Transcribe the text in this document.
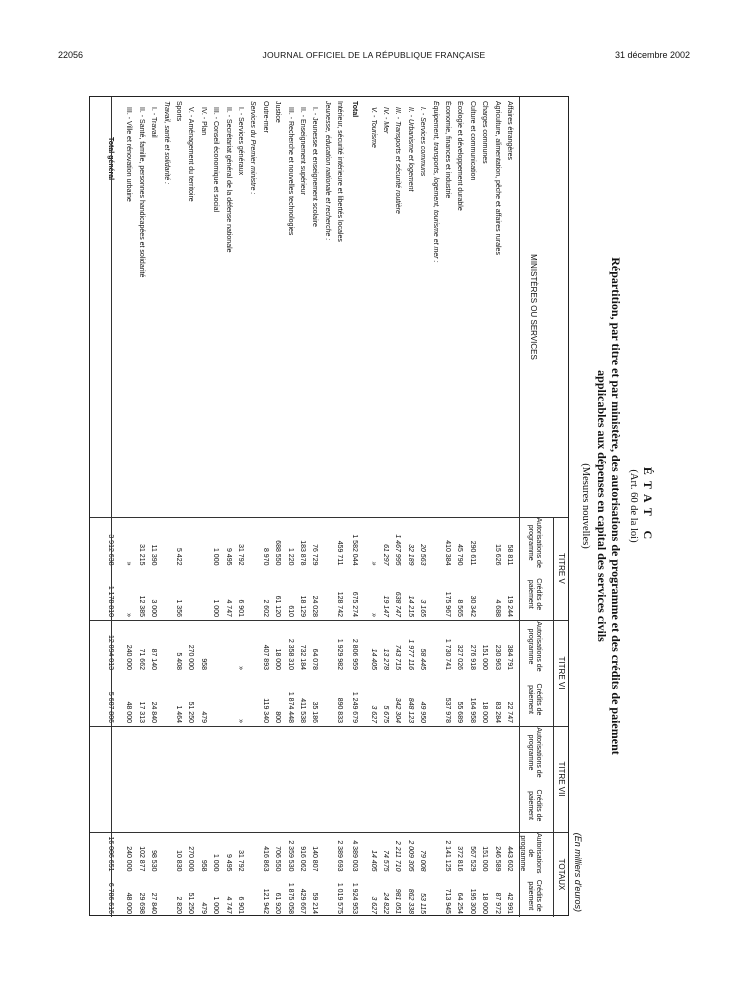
22056	JOURNAL OFFICIEL DE LA RÉPUBLIQUE FRANÇAISE	31 décembre 2002
ÉTAT C
(Art. 60 de la loi)
Répartition, par titre et par ministère, des autorisations de programme et des crédits de paiement
applicables aux dépenses en capital des services civils
(Mesures nouvelles)
(En milliers d'euros)
MINISTÈRES OU SERVICES
TITRE V
TITRE VI
TITRE VII
TOTAUX
Autorisations de programme
Crédits de paiement
Autorisations de programme
Crédits de paiement
Autorisations de programme
Crédits de paiement
Autorisations de programme
Crédits de paiement
Affaires étrangères
58 811
19 244
384 791
22 747
443 602
42 991
Agriculture, alimentation, pêche et affaires rurales
15 626
4 688
230 963
83 284
246 589
87 972
Charges communes
151 000
18 000
151 000
18 000
Culture et communication
290 611
30 342
276 918
164 958
567 529
195 300
Écologie et développement durable
45 790
8 565
327 026
55 689
372 816
64 254
Économie, finances et industrie
410 384
175 967
1 730 741
537 978
2 141 125
713 945
Équipement, transports, logement, tourisme et mer :
I. - Services communs
20 563
3 165
58 445
49 950
79 008
53 115
II. - Urbanisme et logement
32 189
14 215
1 977 116
848 123
2 009 305
862 338
III. - Transports et sécurité routière
1 467 995
638 747
743 715
342 304
2 211 710
981 051
IV. - Mer
61 297
19 147
13 278
5 675
74 575
24 822
V. - Tourisme
»
»
14 405
3 627
14 405
3 627
Total
1 582 044
675 274
2 806 959
1 249 679
4 389 003
1 924 953
Intérieur, sécurité intérieure et libertés locales
459 711
128 742
1 929 982
890 833
2 389 693
1 019 575
Jeunesse, éducation nationale et recherche :
I. - Jeunesse et enseignement scolaire
76 729
24 028
64 078
35 186
140 807
59 214
II. - Enseignement supérieur
183 878
18 129
732 184
411 538
916 062
429 667
III. - Recherche et nouvelles technologies
1 220
610
2 358 310
1 874 448
2 359 530
1 875 058
Justice
688 550
61 120
18 000
800
706 550
61 920
Outre-mer
8 970
2 602
407 893
119 340
416 863
121 942
Services du Premier ministre :
I. - Services généraux
31 792
6 901
»
»
31 792
6 901
II. - Secrétariat général de la défense nationale
9 495
4 747
9 495
4 747
III. - Conseil économique et social
1 000
1 000
1 000
1 000
IV. - Plan
958
479
958
479
V. - Aménagement du territoire
270 000
51 250
270 000
51 250
Sports
5 422
1 356
5 408
1 464
10 830
2 820
Travail, santé et solidarité :
I. - Travail
11 390
3 000
87 140
24 840
98 530
27 840
II. - Santé, famille, personnes handicapées et solidarité
31 215
12 385
71 662
17 313
102 877
29 698
III. - Ville et rénovation urbaine
»
»
240 000
48 000
240 000
48 000
Total général
3 912 638
1 178 810
12 094 013
5 607 806
16 006 651
6 786 616
